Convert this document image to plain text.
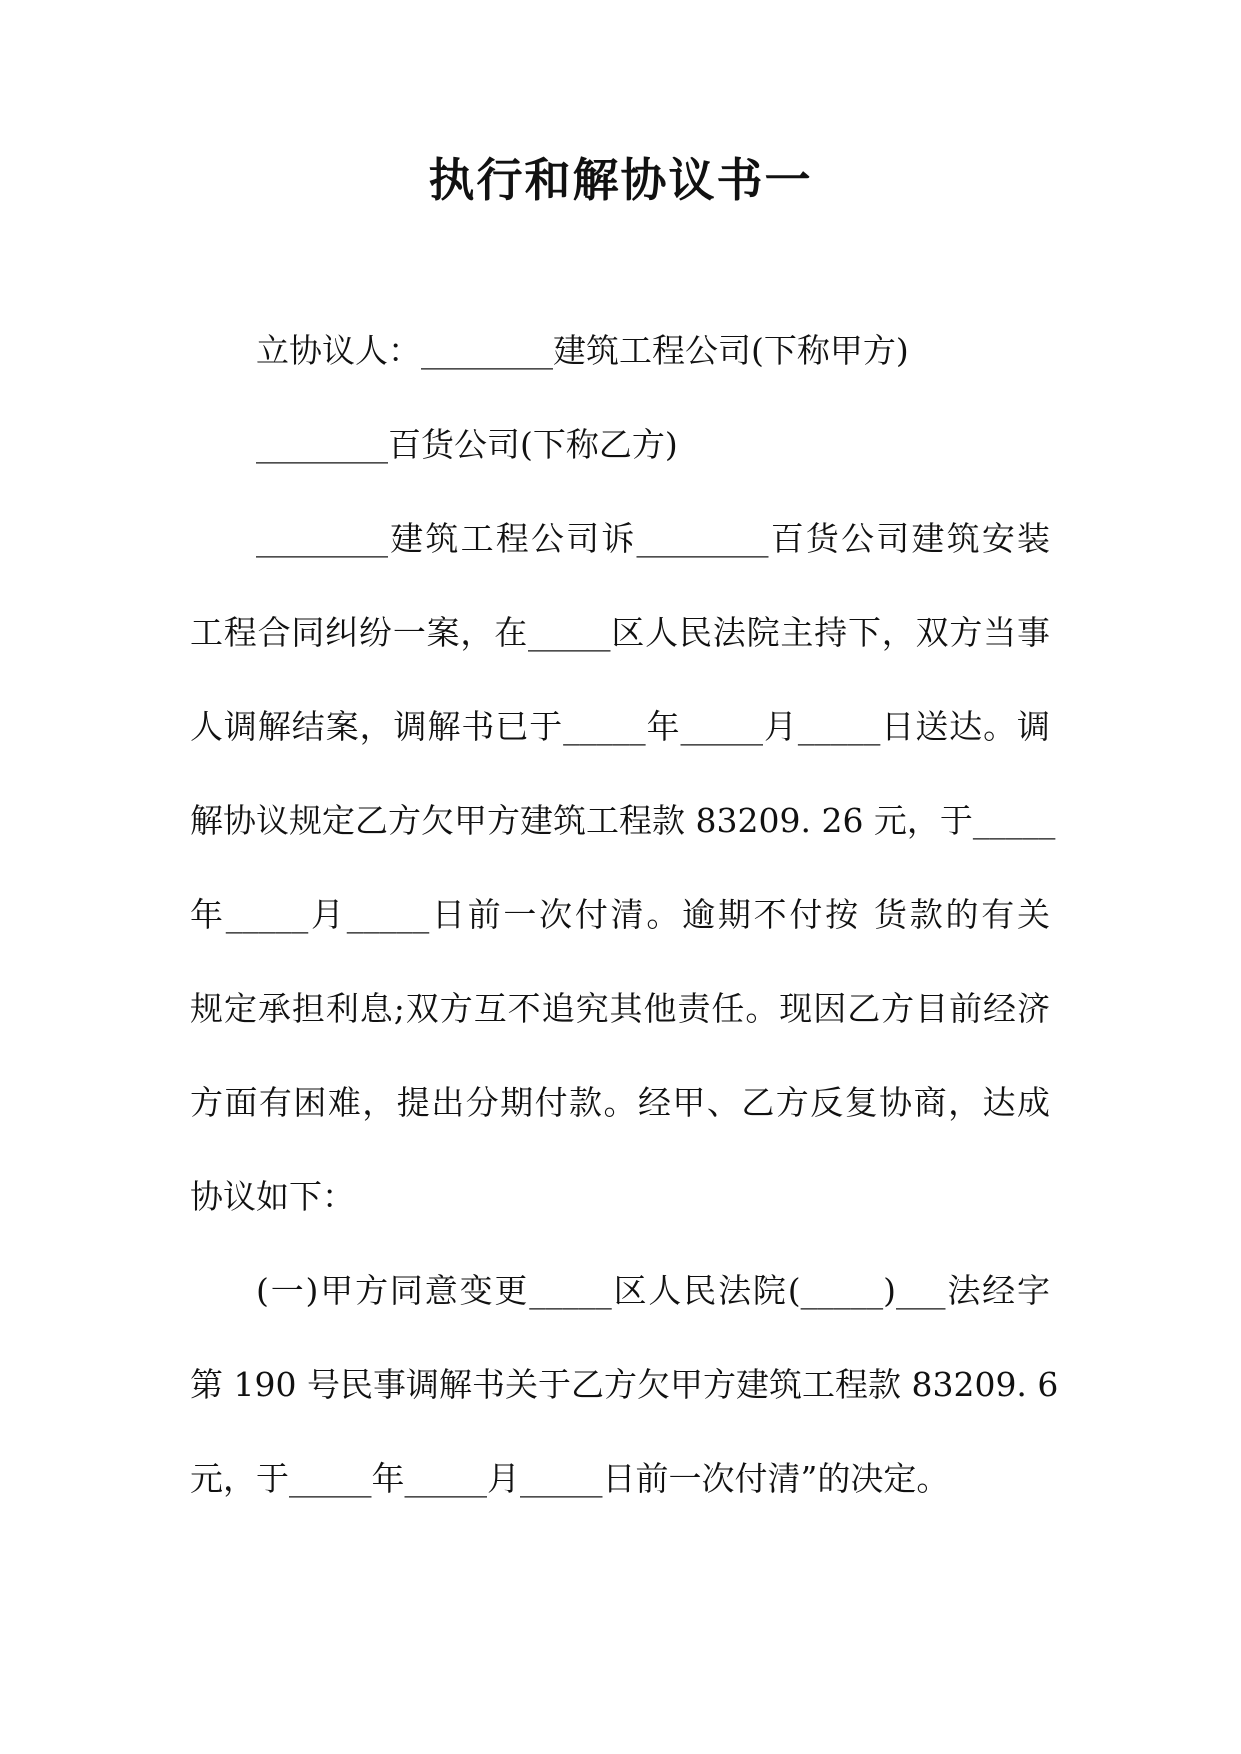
执行和解协议书一

立协议人：________建筑工程公司(下称甲方)

________百货公司(下称乙方)

________建筑工程公司诉________百货公司建筑安装
工程合同纠纷一案，在_____区人民法院主持下，双方当事
人调解结案，调解书已于_____年_____月_____日送达。调
解协议规定乙方欠甲方建筑工程款 83209. 26 元，于_____
年_____月_____日前一次付清。逾期不付按 货款的有关
规定承担利息;双方互不追究其他责任。现因乙方目前经济
方面有困难，提出分期付款。经甲、乙方反复协商，达成
协议如下：
(一)甲方同意变更_____区人民法院(_____)___法经字
第 190 号民事调解书关于乙方欠甲方建筑工程款 83209. 6
元，于_____年_____月_____日前一次付清”的决定。
